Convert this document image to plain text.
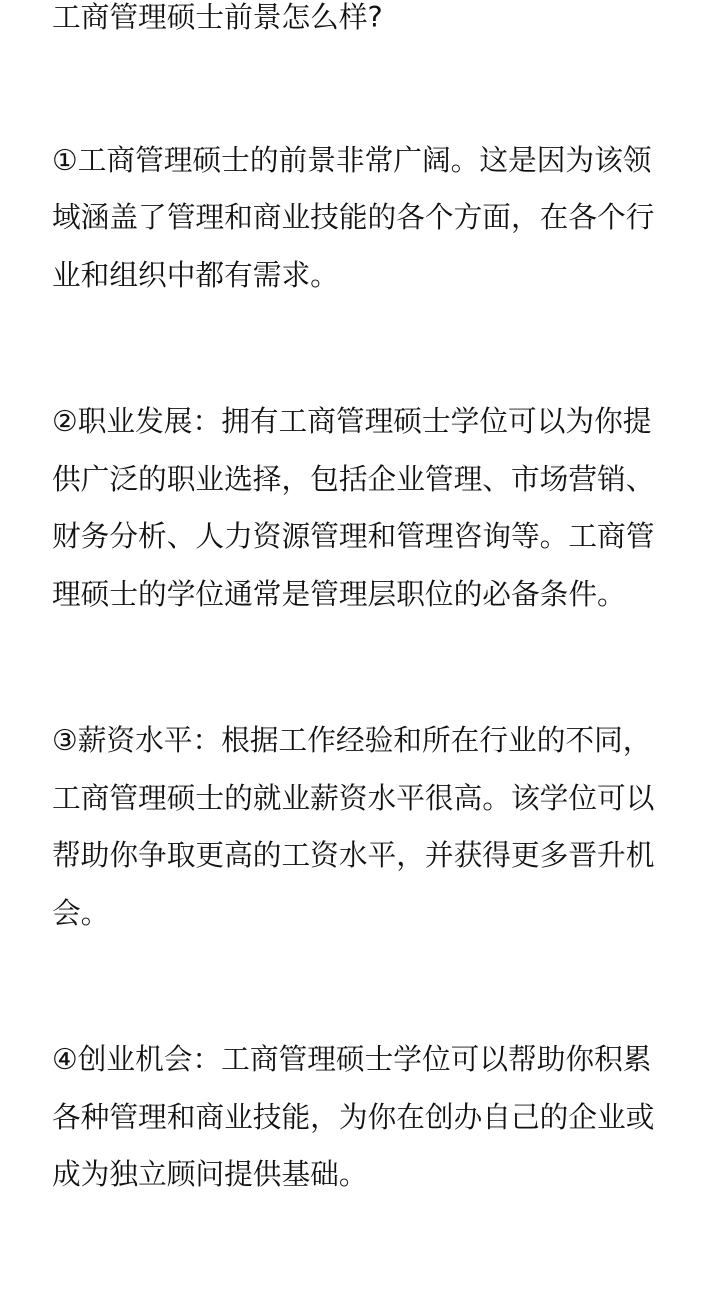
工商管理硕士前景怎么样?
①工商管理硕士的前景非常广阔。这是因为该领
域涵盖了管理和商业技能的各个方面，在各个行
业和组织中都有需求。
②职业发展：拥有工商管理硕士学位可以为你提
供广泛的职业选择，包括企业管理、市场营销、
财务分析、人力资源管理和管理咨询等。工商管
理硕士的学位通常是管理层职位的必备条件。
③薪资水平：根据工作经验和所在行业的不同，
工商管理硕士的就业薪资水平很高。该学位可以
帮助你争取更高的工资水平，并获得更多晋升机
会。
④创业机会：工商管理硕士学位可以帮助你积累
各种管理和商业技能，为你在创办自己的企业或
成为独立顾问提供基础。
